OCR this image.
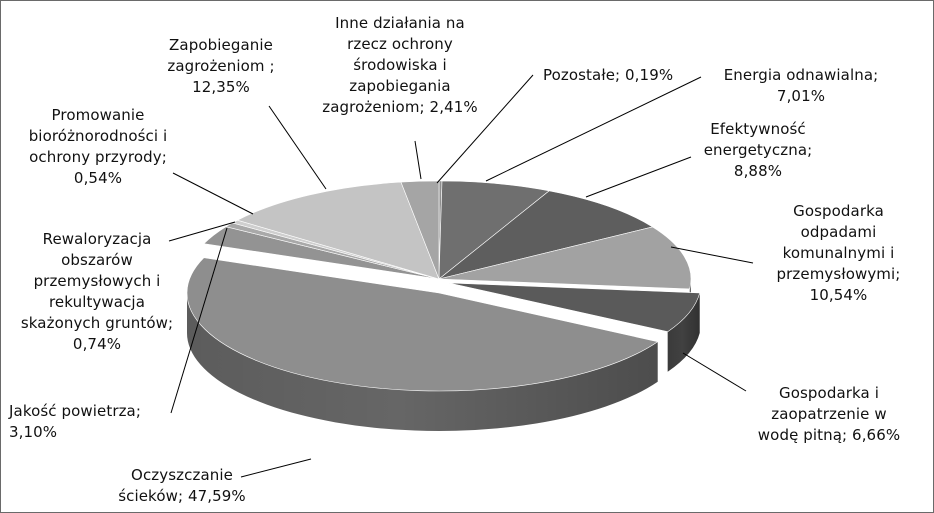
Pozostałe; 0,19%	Energia odnawialna;
7,01%
Efektywność
energetyczna;
8,88%
Gospodarka
odpadami
komunalnymi i
przemysłowymi;
10,54%
Gospodarka i
zaopatrzenie w
wodę pitną; 6,66%
Oczyszczanie
ścieków; 47,59%
Jakość powietrza;
3,10%
Rewaloryzacja
obszarów
przemysłowych i
rekultywacja
skażonych gruntów;
0,74%
Promowanie
bioróżnorodności i
ochrony przyrody;
0,54%
Zapobieganie
zagrożeniom ;
12,35%
Inne działania na
rzecz ochrony
środowiska i
zapobiegania
zagrożeniom; 2,41%
